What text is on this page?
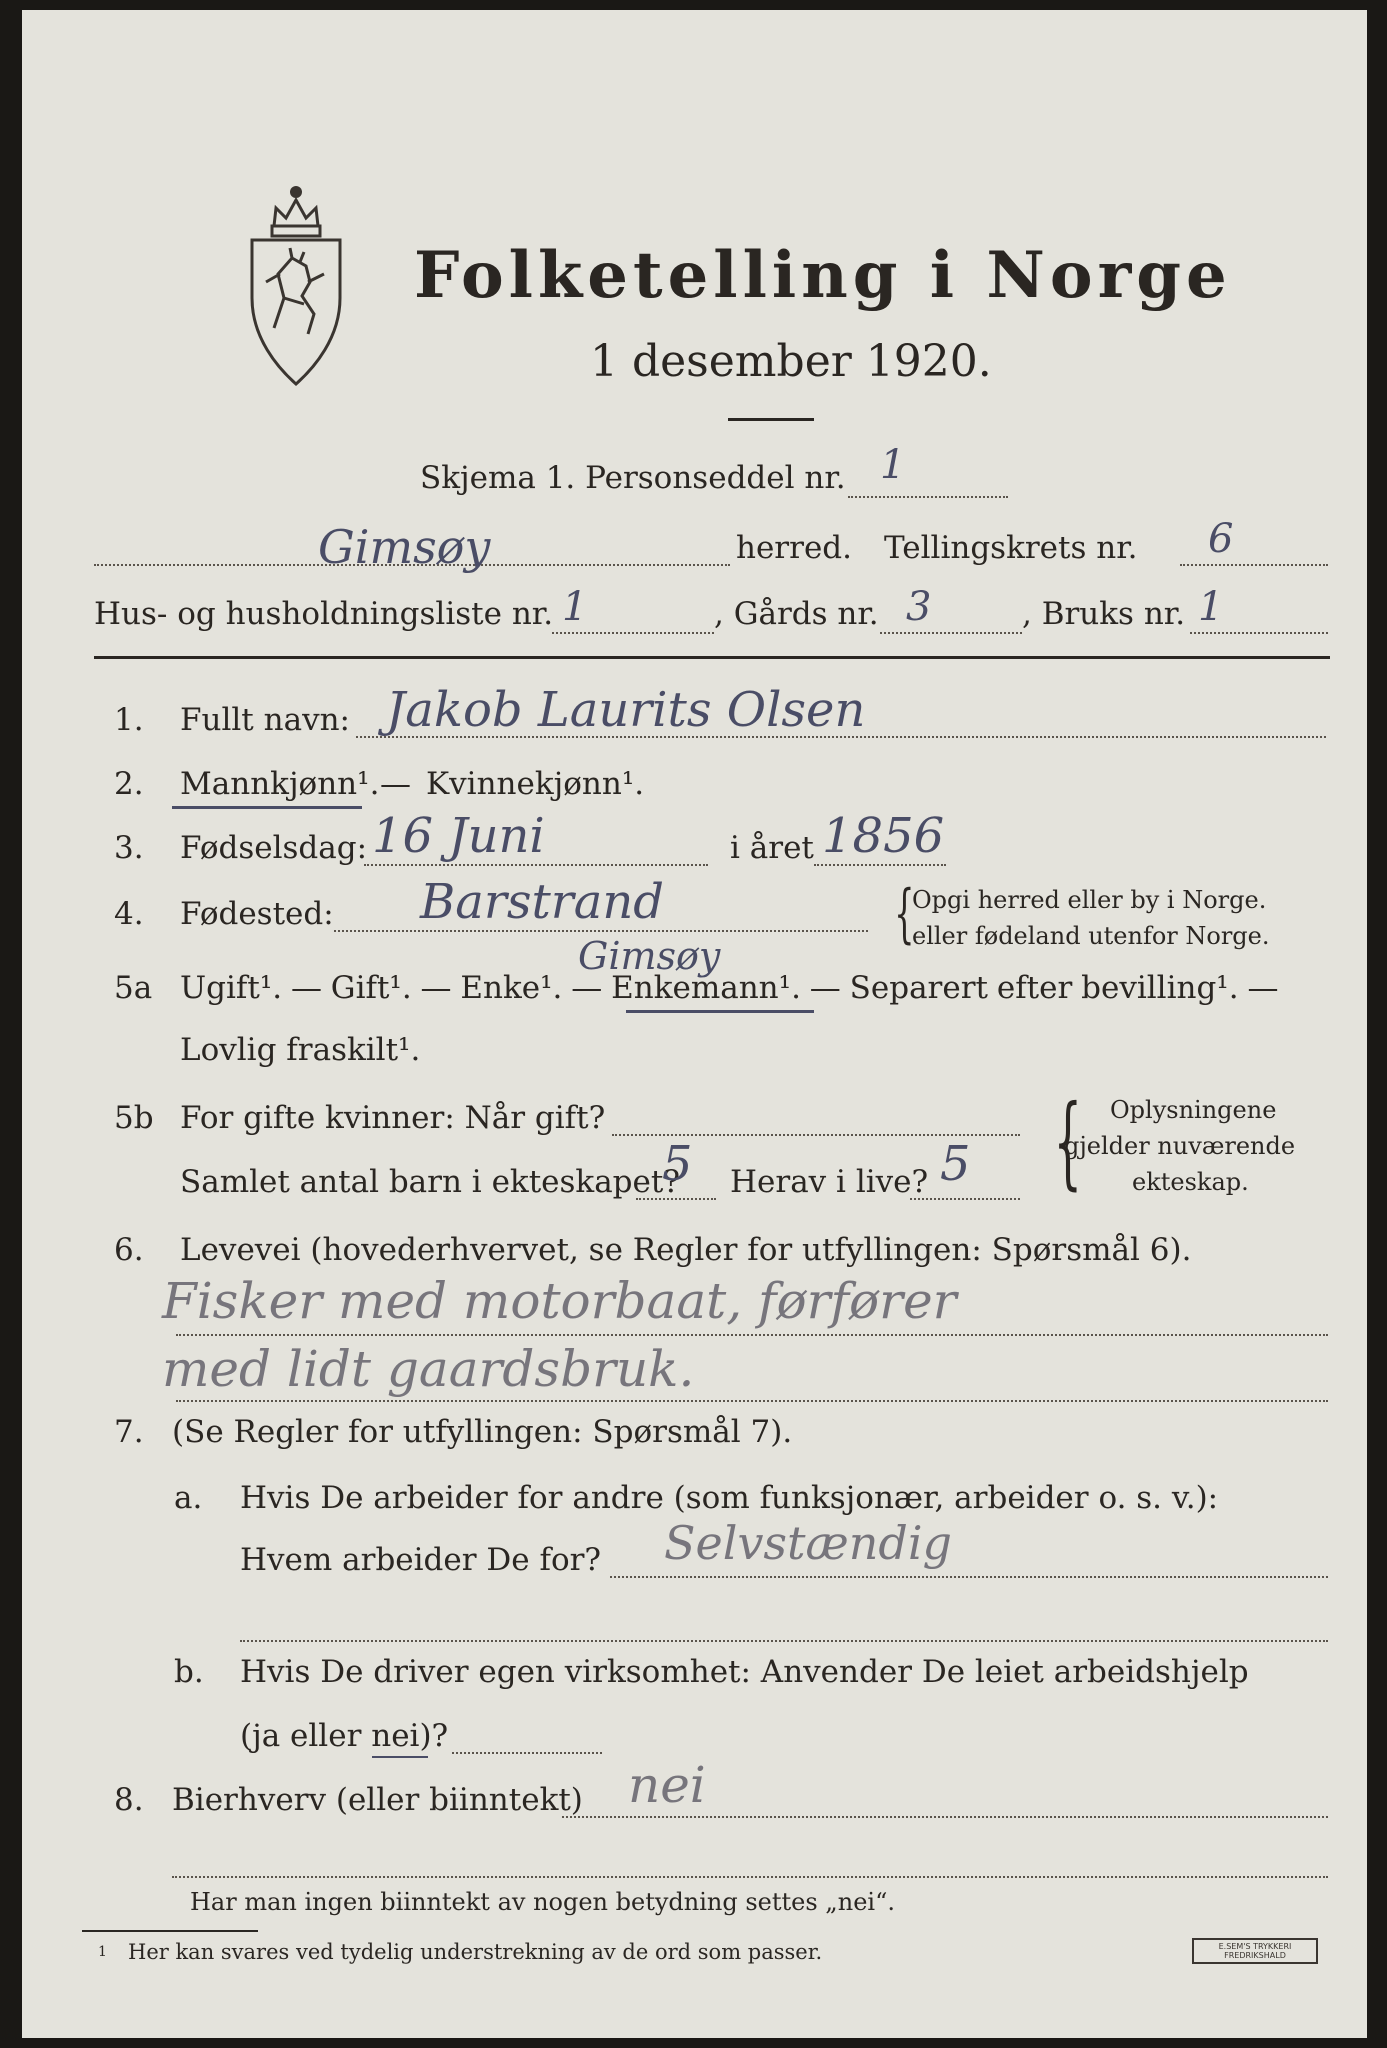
Folketelling i Norge
1 desember 1920.
Skjema 1. Personseddel nr. 1
Gimsøy	herred. Tellingskrets nr. 6
Hus- og husholdningsliste nr. 1	, Gårds nr. 3	, Bruks nr. 1
1. Fullt navn: Jakob Laurits Olsen
2. Mannkjønn¹. — Kvinnekjønn¹.
3. Fødselsdag: 16 Juni	i året 1856
4. Fødested: Barstrand	{
Opgi herred eller by i Norge.
eller fødeland utenfor Norge.
Gimsøy
5a Ugift¹. — Gift¹. — Enke¹. — Enkemann¹. — Separert efter bevilling¹. —
Lovlig fraskilt¹.
5b For gifte kvinner: Når gift?
Samlet antal barn i ekteskapet?
5 Herav i live? 5 { Oplysningene
gjelder nuværende
ekteskap.
6. Levevei (hovederhvervet, se Regler for utfyllingen: Spørsmål 6).
Fisker med motorbaat, førfører
med lidt gaardsbruk.
7. (Se Regler for utfyllingen: Spørsmål 7).
a. Hvis De arbeider for andre (som funksjonær, arbeider o. s. v.):
Hvem arbeider De for? Selvstændig
b. Hvis De driver egen virksomhet: Anvender De leiet arbeidshjelp
(ja eller nei)?
8. Bierhverv (eller biinntekt) nei
Har man ingen biinntekt av nogen betydning settes „nei“.
1 Her kan svares ved tydelig understrekning av de ord som passer.	E.SEM'S TRYKKERI
FREDRIKSHALD
